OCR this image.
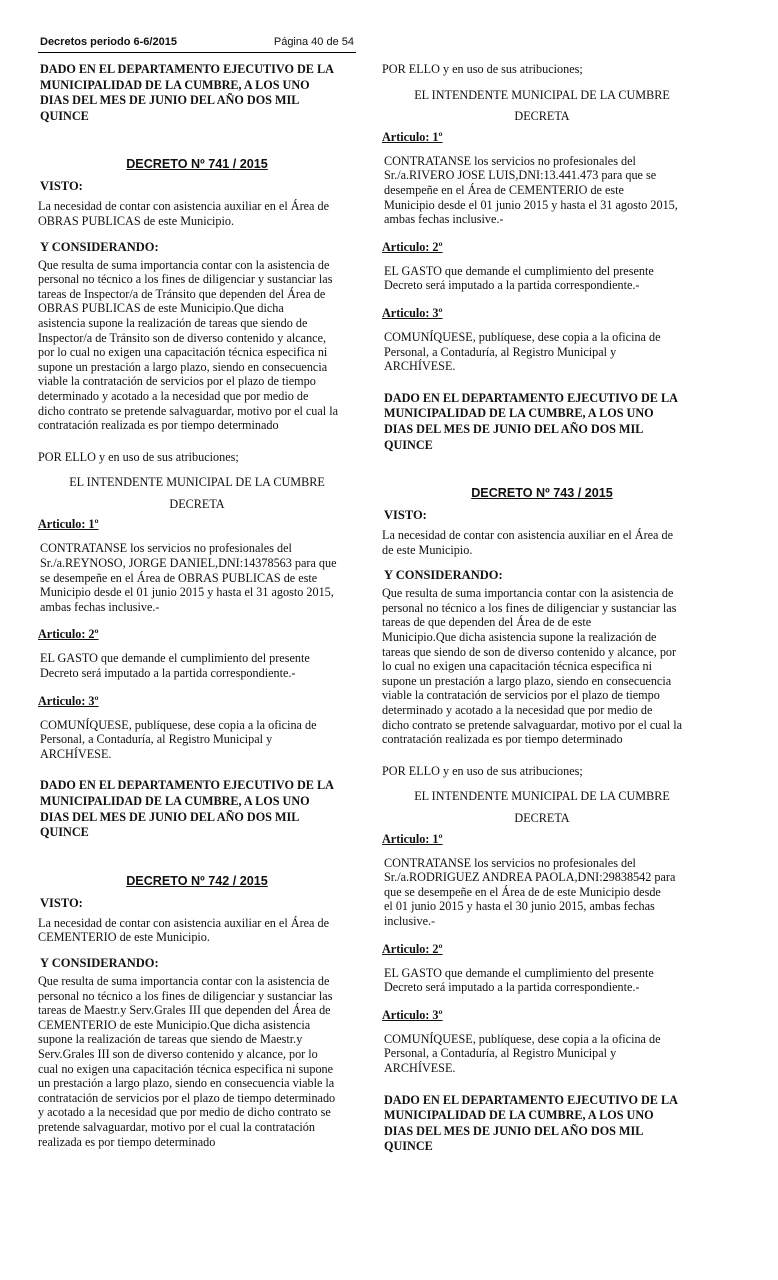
Decretos periodo 6-6/2015	Página 40 de 54
DADO EN EL DEPARTAMENTO EJECUTIVO DE LA
MUNICIPALIDAD DE LA CUMBRE, A LOS UNO
DIAS DEL MES DE JUNIO DEL AÑO DOS MIL
QUINCE

DECRETO Nº 741 / 2015

VISTO:

La necesidad de contar con asistencia auxiliar en el Área de
OBRAS PUBLICAS de este Municipio.

Y CONSIDERANDO:

Que resulta de suma importancia contar con la asistencia de
personal no técnico a los fines de diligenciar y sustanciar las
tareas de Inspector/a de Tránsito que dependen del Área de
OBRAS PUBLICAS de este Municipio.Que dicha
asistencia supone la realización de tareas que siendo de
Inspector/a de Tránsito son de diverso contenido y alcance,
por lo cual no exigen una capacitación técnica especifica ni
supone un prestación a largo plazo, siendo en consecuencia
viable la contratación de servicios por el plazo de tiempo
determinado y acotado a la necesidad que por medio de
dicho contrato se pretende salvaguardar, motivo por el cual la
contratación realizada es por tiempo determinado

POR ELLO y en uso de sus atribuciones;

EL INTENDENTE MUNICIPAL DE LA CUMBRE

DECRETA

Articulo: 1º

CONTRATANSE los servicios no profesionales del
Sr./a.REYNOSO, JORGE DANIEL,DNI:14378563 para que
se desempeñe en el Área de OBRAS PUBLICAS de este
Municipio desde el 01 junio 2015 y hasta el 31 agosto 2015,
ambas fechas inclusive.-

Articulo: 2º

EL GASTO que demande el cumplimiento del presente
Decreto será imputado a la partida correspondiente.-

Articulo: 3º

COMUNÍQUESE, publíquese, dese copia a la oficina de
Personal, a Contaduría, al Registro Municipal y
ARCHÍVESE.
DADO EN EL DEPARTAMENTO EJECUTIVO DE LA
MUNICIPALIDAD DE LA CUMBRE, A LOS UNO
DIAS DEL MES DE JUNIO DEL AÑO DOS MIL
QUINCE

DECRETO Nº 742 / 2015

VISTO:

La necesidad de contar con asistencia auxiliar en el Área de
CEMENTERIO de este Municipio.

Y CONSIDERANDO:

Que resulta de suma importancia contar con la asistencia de
personal no técnico a los fines de diligenciar y sustanciar las
tareas de Maestr.y Serv.Grales III que dependen del Área de
CEMENTERIO de este Municipio.Que dicha asistencia
supone la realización de tareas que siendo de Maestr.y
Serv.Grales III son de diverso contenido y alcance, por lo
cual no exigen una capacitación técnica especifica ni supone
un prestación a largo plazo, siendo en consecuencia viable la
contratación de servicios por el plazo de tiempo determinado
y acotado a la necesidad que por medio de dicho contrato se
pretende salvaguardar, motivo por el cual la contratación
realizada es por tiempo determinado

POR ELLO y en uso de sus atribuciones;

EL INTENDENTE MUNICIPAL DE LA CUMBRE

DECRETA

Articulo: 1º

CONTRATANSE los servicios no profesionales del
Sr./a.RIVERO JOSE LUIS,DNI:13.441.473 para que se
desempeñe en el Área de CEMENTERIO de este
Municipio desde el 01 junio 2015 y hasta el 31 agosto 2015,
ambas fechas inclusive.-

Articulo: 2º

EL GASTO que demande el cumplimiento del presente
Decreto será imputado a la partida correspondiente.-

Articulo: 3º

COMUNÍQUESE, publíquese, dese copia a la oficina de
Personal, a Contaduría, al Registro Municipal y
ARCHÍVESE.
DADO EN EL DEPARTAMENTO EJECUTIVO DE LA
MUNICIPALIDAD DE LA CUMBRE, A LOS UNO
DIAS DEL MES DE JUNIO DEL AÑO DOS MIL
QUINCE

DECRETO Nº 743 / 2015

VISTO:

La necesidad de contar con asistencia auxiliar en el Área de
de este Municipio.

Y CONSIDERANDO:

Que resulta de suma importancia contar con la asistencia de
personal no técnico a los fines de diligenciar y sustanciar las
tareas de que dependen del Área de de este
Municipio.Que dicha asistencia supone la realización de
tareas que siendo de son de diverso contenido y alcance, por
lo cual no exigen una capacitación técnica especifica ni
supone un prestación a largo plazo, siendo en consecuencia
viable la contratación de servicios por el plazo de tiempo
determinado y acotado a la necesidad que por medio de
dicho contrato se pretende salvaguardar, motivo por el cual la
contratación realizada es por tiempo determinado

POR ELLO y en uso de sus atribuciones;

EL INTENDENTE MUNICIPAL DE LA CUMBRE

DECRETA

Articulo: 1º

CONTRATANSE los servicios no profesionales del
Sr./a.RODRIGUEZ ANDREA PAOLA,DNI:29838542 para
que se desempeñe en el Área de de este Municipio desde
el 01 junio 2015 y hasta el 30 junio 2015, ambas fechas
inclusive.-

Articulo: 2º

EL GASTO que demande el cumplimiento del presente
Decreto será imputado a la partida correspondiente.-

Articulo: 3º

COMUNÍQUESE, publíquese, dese copia a la oficina de
Personal, a Contaduría, al Registro Municipal y
ARCHÍVESE.
DADO EN EL DEPARTAMENTO EJECUTIVO DE LA
MUNICIPALIDAD DE LA CUMBRE, A LOS UNO
DIAS DEL MES DE JUNIO DEL AÑO DOS MIL
QUINCE
